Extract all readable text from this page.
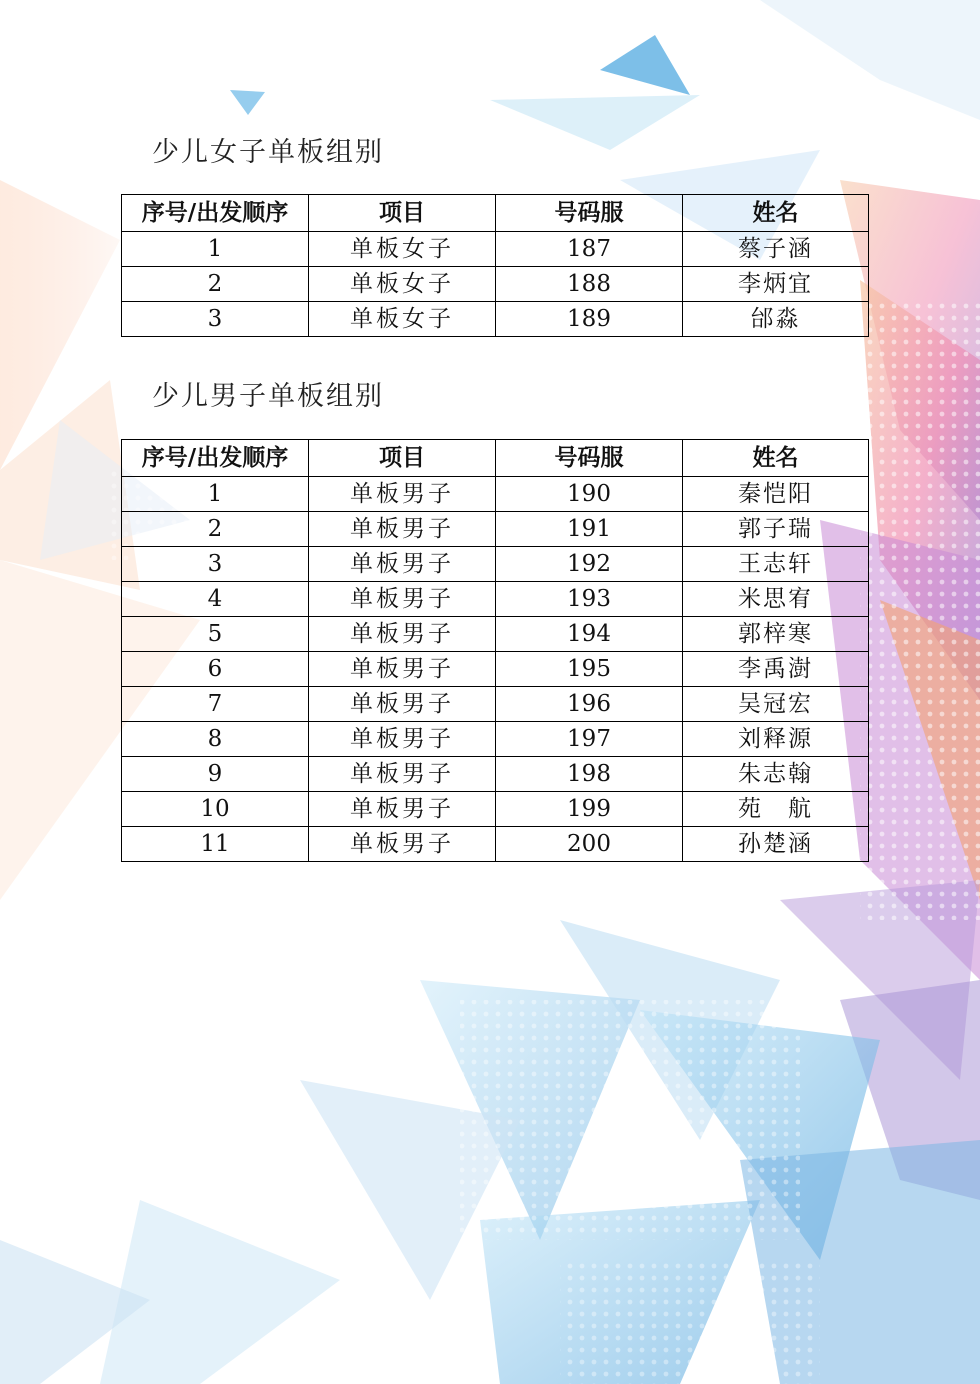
少儿女子单板组别
序号/出发顺序	项目	号码服	姓名
1	单板女子	187	蔡子涵
2	单板女子	188	李炳宜
3	单板女子	189	邰淼
少儿男子单板组别
序号/出发顺序	项目	号码服	姓名
1	单板男子	190	秦恺阳
2	单板男子	191	郭子瑞
3	单板男子	192	王志轩
4	单板男子	193	米思宥
5	单板男子	194	郭梓寒
6	单板男子	195	李禹澍
7	单板男子	196	吴冠宏
8	单板男子	197	刘释源
9	单板男子	198	朱志翰
10	单板男子	199	苑　航
11	单板男子	200	孙楚涵
